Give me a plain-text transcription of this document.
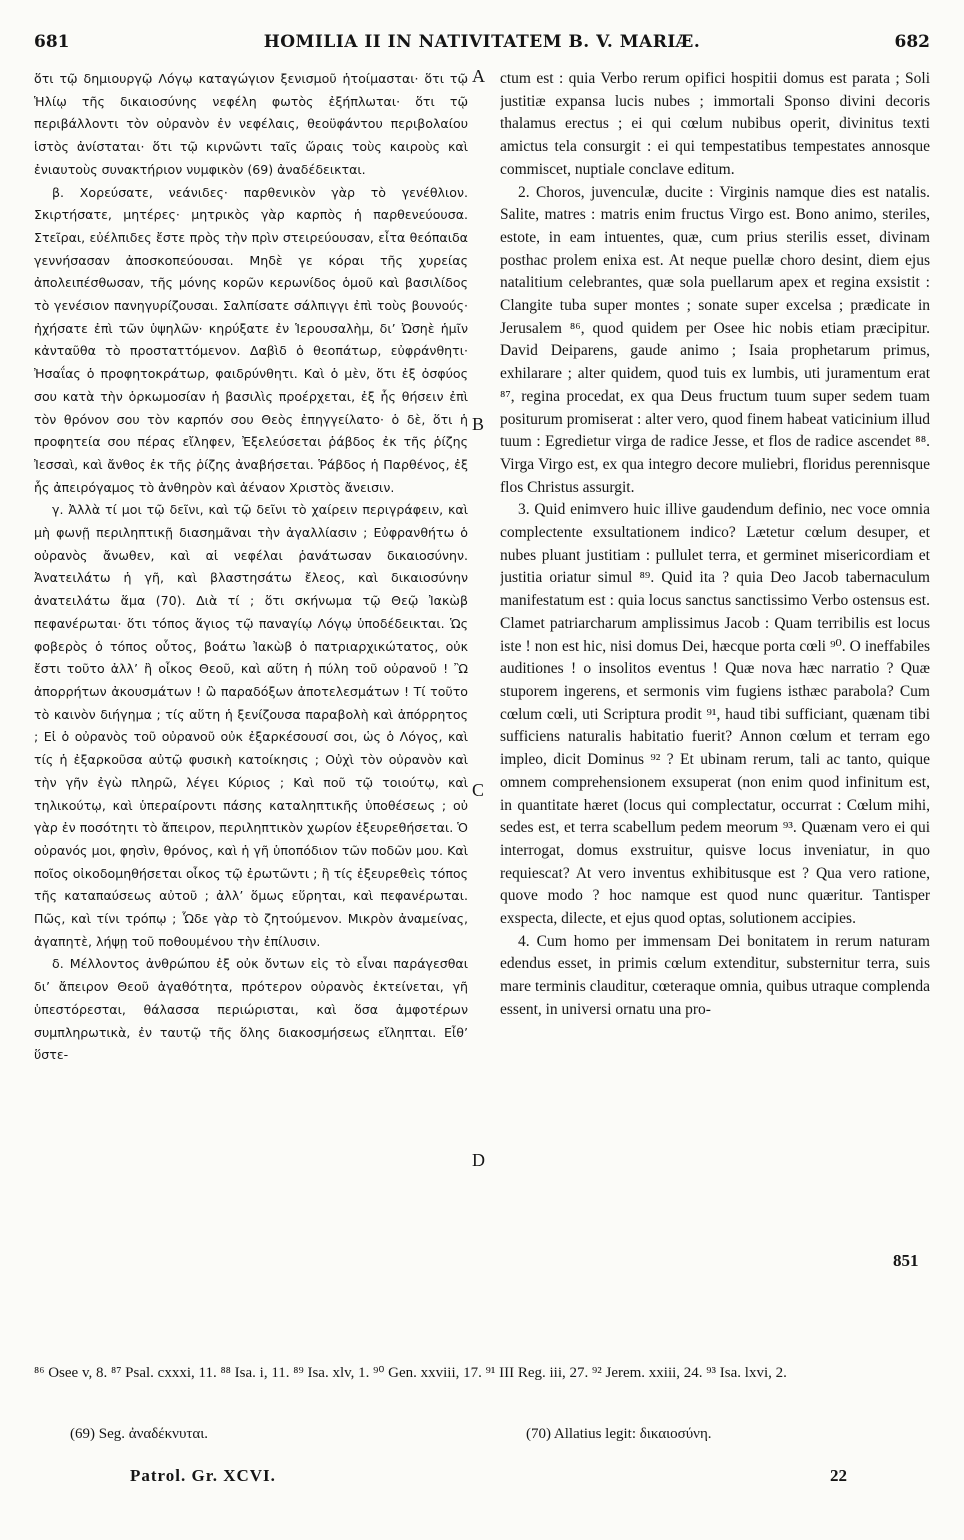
681	HOMILIA II IN NATIVITATEM B. V. MARIÆ.	682

ὅτι τῷ δημιουργῷ Λόγῳ καταγώγιον ξενισμοῦ ἡτοίμασται· ὅτι τῷ Ἡλίῳ τῆς δικαιοσύνης νεφέλη φωτὸς ἐξήπλωται· ὅτι τῷ περιβάλλοντι τὸν οὐρανὸν ἐν νεφέλαις, θεοϋφάντου περιβολαίου ἱστὸς ἀνίσταται· ὅτι τῷ κιρνῶντι ταῖς ὥραις τοὺς καιροὺς καὶ ἐνιαυτοὺς συνακτήριον νυμφικὸν (69) ἀναδέδεικται.

β. Χορεύσατε, νεάνιδες· παρθενικὸν γὰρ τὸ γενέθλιον. Σκιρτήσατε, μητέρες· μητρικὸς γὰρ καρπὸς ἡ παρθενεύουσα. Στεῖραι, εὐέλπιδες ἔστε πρὸς τὴν πρὶν στειρεύουσαν, εἶτα θεόπαιδα γεννήσασαν ἀποσκοπεύουσαι. Μηδὲ γε κόραι τῆς χυρείας ἀπολειπέσθωσαν, τῆς μόνης κορῶν κερωνίδος ὁμοῦ καὶ βασιλίδος τὸ γενέσιον πανηγυρίζουσαι. Σαλπίσατε σάλπιγγι ἐπὶ τοὺς βουνούς· ἠχήσατε ἐπὶ τῶν ὑψηλῶν· κηρύξατε ἐν Ἱερουσαλὴμ, δι’ Ὠσηὲ ἡμῖν κἀνταῦθα τὸ προσταττόμενον. Δαβὶδ ὁ θεοπάτωρ, εὐφράνθητι· Ἠσαΐας ὁ προφητοκράτωρ, φαιδρύνθητι. Καὶ ὁ μὲν, ὅτι ἐξ ὀσφύος σου κατὰ τὴν ὁρκωμοσίαν ἡ βασιλὶς προέρχεται, ἐξ ἧς θήσειν ἐπὶ τὸν θρόνον σου τὸν καρπόν σου Θεὸς ἐπηγγείλατο· ὁ δὲ, ὅτι ἡ προφητεία σου πέρας εἴληφεν, Ἐξελεύσεται ῥάβδος ἐκ τῆς ῥίζης Ἰεσσαὶ, καὶ ἄνθος ἐκ τῆς ῥίζης ἀναβήσεται. Ῥάβδος ἡ Παρθένος, ἐξ ἧς ἀπειρόγαμος τὸ ἀνθηρὸν καὶ ἀέναον Χριστὸς ἄνεισιν.

γ. Ἀλλὰ τί μοι τῷ δεῖνι, καὶ τῷ δεῖνι τὸ χαίρειν περιγράφειν, καὶ μὴ φωνῇ περιληπτικῇ διασημᾶναι τὴν ἀγαλλίασιν ; Εὐφρανθήτω ὁ οὐρανὸς ἄνωθεν, καὶ αἱ νεφέλαι ῥανάτωσαν δικαιοσύνην. Ἀνατειλάτω ἡ γῆ, καὶ βλαστησάτω ἔλεος, καὶ δικαιοσύνην ἀνατειλάτω ἅμα (70). Διὰ τί ; ὅτι σκήνωμα τῷ Θεῷ Ἰακὼβ πεφανέρωται· ὅτι τόπος ἅγιος τῷ παναγίῳ Λόγῳ ὑποδέδεικται. Ὡς φοβερὸς ὁ τόπος οὗτος, βοάτω Ἰακὼβ ὁ πατριαρχικώτατος, οὐκ ἔστι τοῦτο ἀλλ’ ἢ οἶκος Θεοῦ, καὶ αὕτη ἡ πύλη τοῦ οὐρανοῦ ! Ὢ ἀπορρήτων ἀκουσμάτων ! ὢ παραδόξων ἀποτελεσμάτων ! Τί τοῦτο τὸ καινὸν διήγημα ; τίς αὕτη ἡ ξενίζουσα παραβολὴ καὶ ἀπόρρητος ; Εἰ ὁ οὐρανὸς τοῦ οὐρανοῦ οὐκ ἐξαρκέσουσί σοι, ὡς ὁ Λόγος, καὶ τίς ἡ ἐξαρκοῦσα αὐτῷ φυσικὴ κατοίκησις ; Οὐχὶ τὸν οὐρανὸν καὶ τὴν γῆν ἐγὼ πληρῶ, λέγει Κύριος ; Καὶ ποῦ τῷ τοιούτῳ, καὶ τηλικούτῳ, καὶ ὑπεραίροντι πάσης καταληπτικῆς ὑποθέσεως ; οὐ γὰρ ἐν ποσότητι τὸ ἄπειρον, περιληπτικὸν χωρίον ἐξευρεθήσεται. Ὁ οὐρανός μοι, φησὶν, θρόνος, καὶ ἡ γῆ ὑποπόδιον τῶν ποδῶν μου. Καὶ ποῖος οἰκοδομηθήσεται οἶκος τῷ ἐρωτῶντι ; ἢ τίς ἐξευρεθεὶς τόπος τῆς καταπαύσεως αὐτοῦ ; ἀλλ’ ὅμως εὕρηται, καὶ πεφανέρωται. Πῶς, καὶ τίνι τρόπῳ ; Ὧδε γὰρ τὸ ζητούμενον. Μικρὸν ἀναμείνας, ἀγαπητὲ, λήψῃ τοῦ ποθουμένου τὴν ἐπίλυσιν.

δ. Μέλλοντος ἀνθρώπου ἐξ οὐκ ὄντων εἰς τὸ εἶναι παράγεσθαι δι’ ἄπειρον Θεοῦ ἀγαθότητα, πρότερον οὐρανὸς ἐκτείνεται, γῆ ὑπεστόρεσται, θάλασσα περιώρισται, καὶ ὅσα ἀμφοτέρων συμπληρωτικὰ, ἐν ταυτῷ τῆς ὅλης διακοσμήσεως εἴληπται. Εἶθ’ ὕστε-

A
B
C
D

ctum est : quia Verbo rerum opifici hospitii domus est parata ; Soli justitiæ expansa lucis nubes ; immortali Sponso divini decoris thalamus erectus ; ei qui cœlum nubibus operit, divinitus texti amictus tela consurgit : ei qui tempestatibus tempestates annosque commiscet, nuptiale conclave editum.

2. Choros, juvenculæ, ducite : Virginis namque dies est natalis. Salite, matres : matris enim fructus Virgo est. Bono animo, steriles, estote, in eam intuentes, quæ, cum prius sterilis esset, divinam posthac prolem enixa est. At neque puellæ choro desint, diem ejus natalitium celebrantes, quæ sola puellarum apex et regina exsistit : Clangite tuba super montes ; sonate super excelsa ; prædicate in Jerusalem ⁸⁶, quod quidem per Osee hic nobis etiam præcipitur. David Deiparens, gaude animo ; Isaia prophetarum primus, exhilarare ; alter quidem, quod tuis ex lumbis, uti juramentum erat ⁸⁷, regina procedat, ex qua Deus fructum tuum super sedem tuam positurum promiserat : alter vero, quod finem habeat vaticinium illud tuum : Egredietur virga de radice Jesse, et flos de radice ascendet ⁸⁸. Virga Virgo est, ex qua integro decore muliebri, floridus perennisque flos Christus assurgit.

3. Quid enimvero huic illive gaudendum definio, nec voce omnia complectente exsultationem indico? Lætetur cœlum desuper, et nubes pluant justitiam : pullulet terra, et germinet misericordiam et justitia oriatur simul ⁸⁹. Quid ita ? quia Deo Jacob tabernaculum manifestatum est : quia locus sanctus sanctissimo Verbo ostensus est. Clamet patriarcharum amplissimus Jacob : Quam terribilis est locus iste ! non est hic, nisi domus Dei, hæcque porta cœli ⁹⁰. O ineffabiles auditiones ! o insolitos eventus ! Quæ nova hæc narratio ? Quæ stuporem ingerens, et sermonis vim fugiens isthæc parabola? Cum cœlum cœli, uti Scriptura prodit ⁹¹, haud tibi sufficiant, quænam tibi sufficiens naturalis habitatio fuerit? Annon cœlum et terram ego impleo, dicit Dominus ⁹² ? Et ubinam rerum, tali ac tanto, quique omnem comprehensionem exsuperat (non enim quod infinitum est, in quantitate hæret (locus qui complectatur, occurrat : Cœlum mihi, sedes est, et terra scabellum pedem meorum ⁹³. Quænam vero ei qui interrogat, domus exstruitur, quisve locus inveniatur, in quo requiescat? At vero inventus exhibitusque est ? Qua vero ratione, quove modo ? hoc namque est quod nunc quæritur. Tantisper exspecta, dilecte, et ejus quod optas, solutionem accipies.

4. Cum homo per immensam Dei bonitatem in rerum naturam edendus esset, in primis cœlum extenditur, substernitur terra, suis mare terminis clauditur, cœteraque omnia, quibus utraque complenda essent, in universi ornatu una pro-

851
⁸⁶ Osee v, 8. ⁸⁷ Psal. cxxxi, 11. ⁸⁸ Isa. i, 11. ⁸⁹ Isa. xlv, 1. ⁹⁰ Gen. xxviii, 17. ⁹¹ III Reg. iii, 27. ⁹² Jerem. xxiii, 24. ⁹³ Isa. lxvi, 2.
(69) Seg. ἀναδέκνυται.	(70) Allatius legit: δικαιοσύνη.
Patrol. Gr. XCVI.	22
